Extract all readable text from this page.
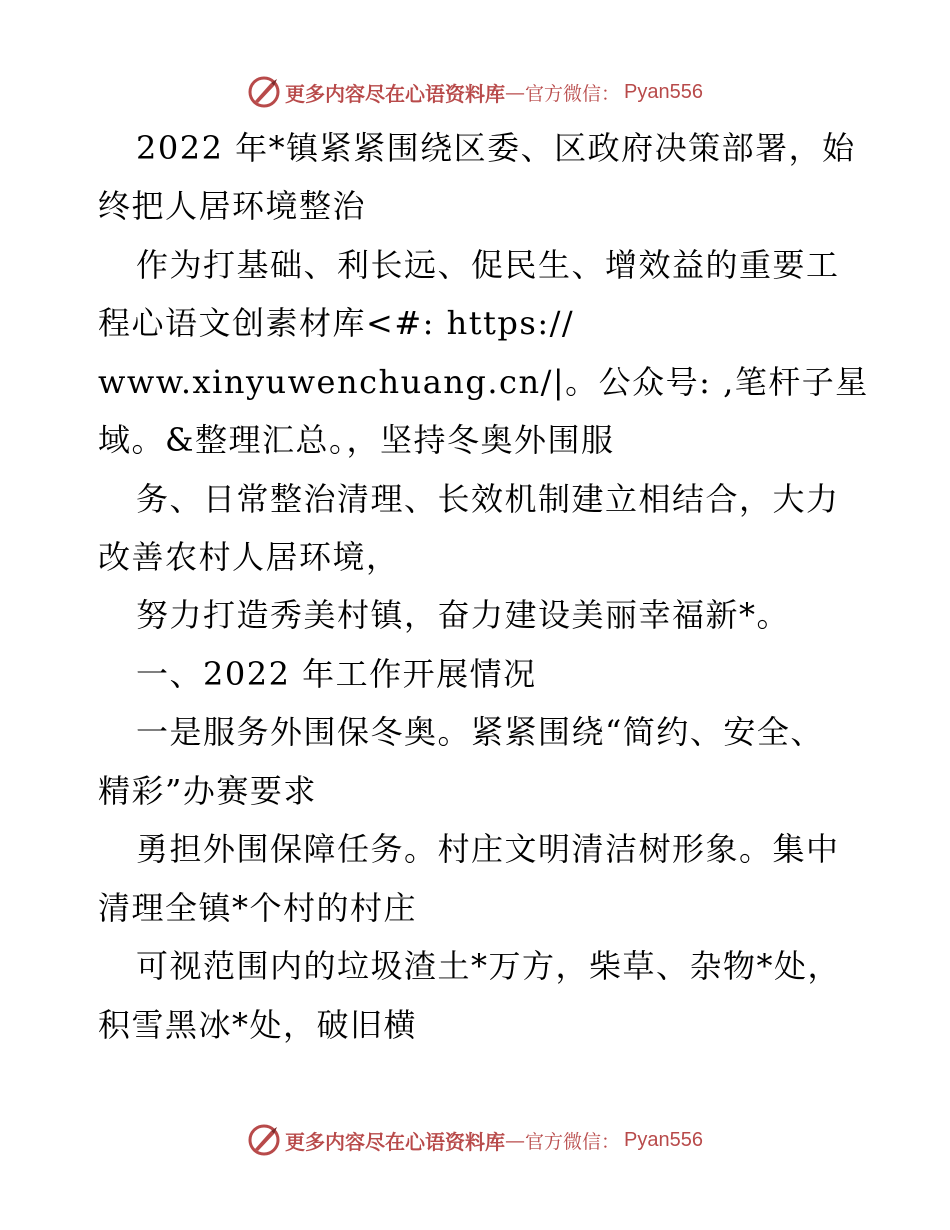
更多内容尽在心语资料库 — 官方微信： Pyan556
2022 年*镇紧紧围绕区委、区政府决策部署，始
终把人居环境整治
作为打基础、利长远、促民生、增效益的重要工
程心语文创素材库<#: https://
www.xinyuwenchuang.cn/|。公众号: ,笔杆子星
域。&整理汇总。，坚持冬奥外围服
务、日常整治清理、长效机制建立相结合，大力
改善农村人居环境，
努力打造秀美村镇，奋力建设美丽幸福新*。
一、2022 年工作开展情况
一是服务外围保冬奥。紧紧围绕“简约、安全、
精彩”办赛要求
勇担外围保障任务。村庄文明清洁树形象。集中
清理全镇*个村的村庄
可视范围内的垃圾渣土*万方，柴草、杂物*处，
积雪黑冰*处，破旧横
更多内容尽在心语资料库 — 官方微信： Pyan556
